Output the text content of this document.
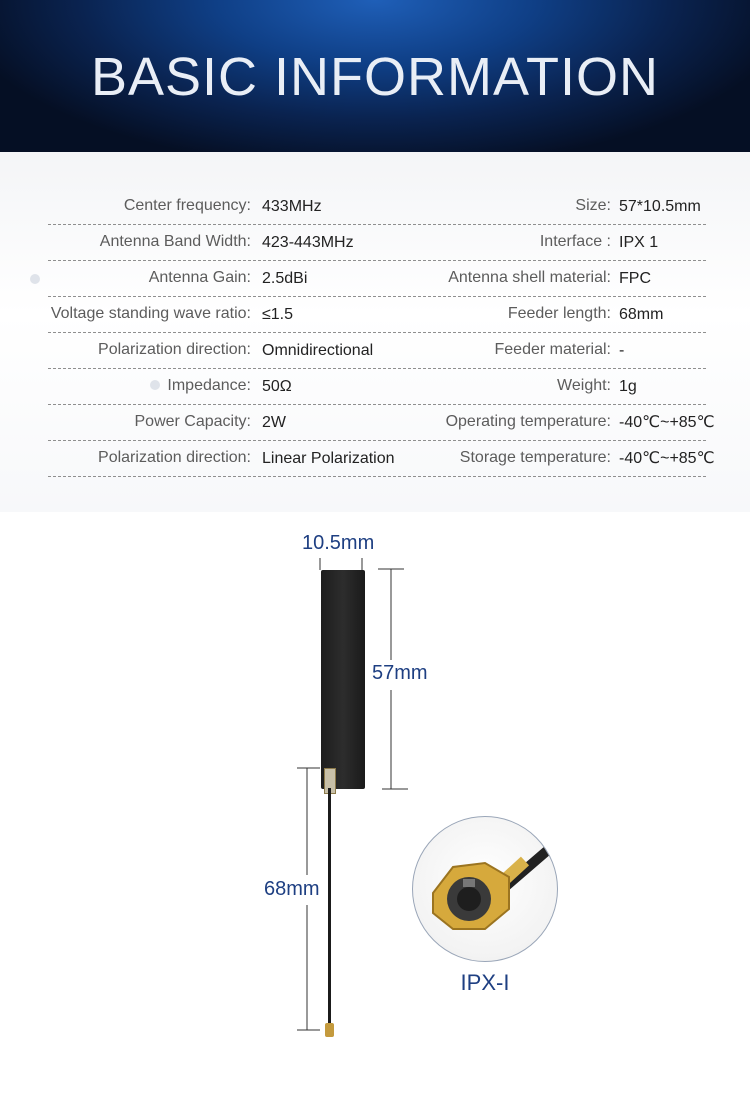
BASIC INFORMATION
Center frequency: 433MHz	Size: 57*10.5mm
Antenna Band Width: 423-443MHz	Interface : IPX 1
Antenna Gain: 2.5dBi	Antenna shell material: FPC
Voltage standing wave ratio: ≤1.5	Feeder length: 68mm
Polarization direction: Omnidirectional	Feeder material: -
Impedance: 50Ω	Weight: 1g
Power Capacity: 2W	Operating temperature: -40℃~+85℃
Polarization direction: Linear Polarization	Storage temperature: -40℃~+85℃
10.5mm
57mm
68mm
IPX-I
